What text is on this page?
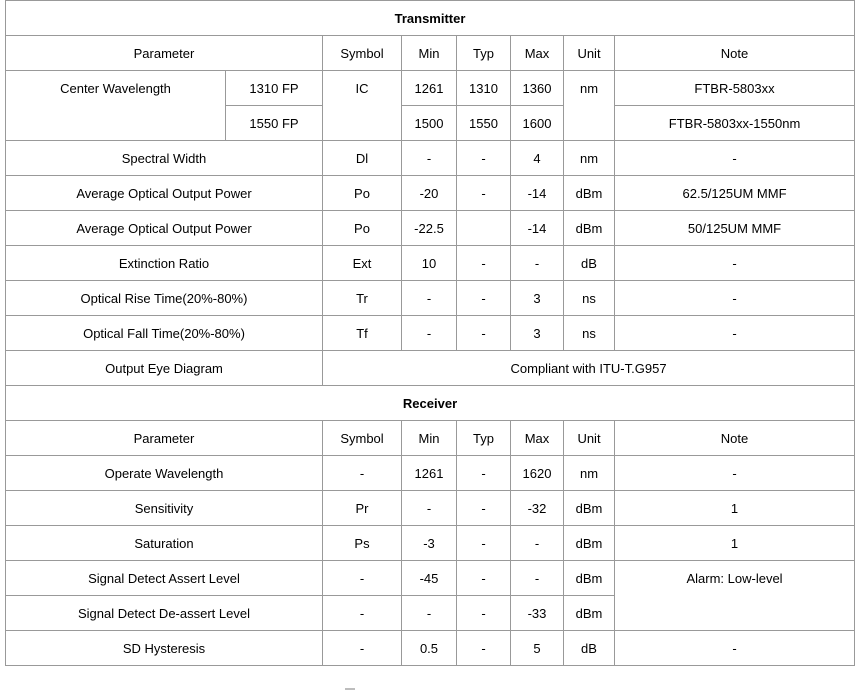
Transmitter							
Parameter		Symbol	Min	Typ	Max	Unit	Note
Center Wavelength	1310 FP	IC	1261	1310	1360	nm	FTBR-5803xx
	1550 FP		1500	1550	1600		FTBR-5803xx-1550nm
Spectral Width		Dl	-	-	4	nm	-
Average Optical Output Power		Po	-20	-	-14	dBm	62.5/125UM MMF
Average Optical Output Power		Po	-22.5		-14	dBm	50/125UM MMF
Extinction Ratio		Ext	10	-	-	dB	-
Optical Rise Time(20%-80%)		Tr	-	-	3	ns	-
Optical Fall Time(20%-80%)		Tf	-	-	3	ns	-
Output Eye Diagram		Compliant with ITU-T.G957					
Receiver							
Parameter		Symbol	Min	Typ	Max	Unit	Note
Operate Wavelength		-	1261	-	1620	nm	-
Sensitivity		Pr	-	-	-32	dBm	1
Saturation		Ps	-3	-	-	dBm	1
Signal Detect Assert Level		-	-45	-	-	dBm	Alarm: Low-level
Signal Detect De-assert Level		-	-	-	-33	dBm	
SD Hysteresis		-	0.5	-	5	dB	-
